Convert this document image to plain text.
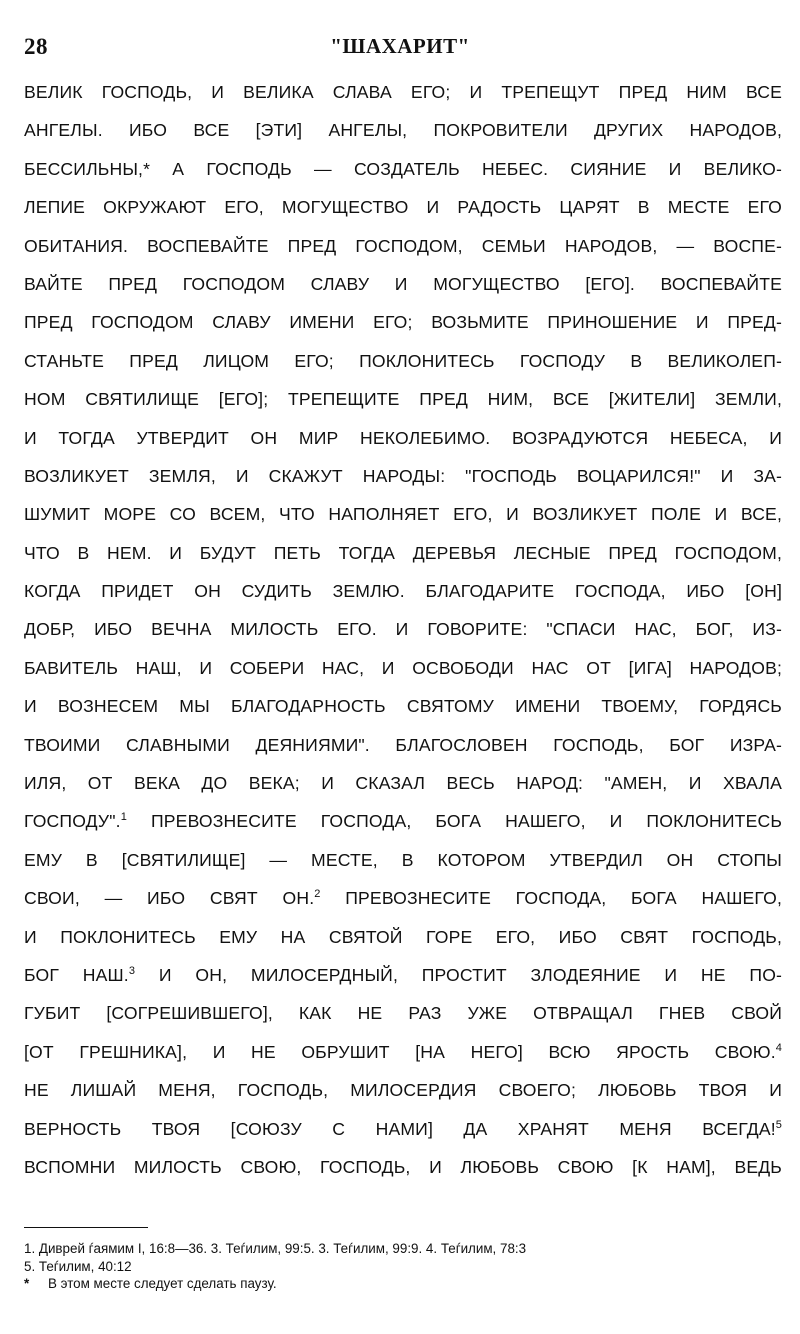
28	"ШАХАРИТ"
ВЕЛИК ГОСПОДЬ, И ВЕЛИКА СЛАВА ЕГО; И ТРЕПЕЩУТ ПРЕД НИМ ВСЕ
АНГЕЛЫ. ИБО ВСЕ [ЭТИ] АНГЕЛЫ, ПОКРОВИТЕЛИ ДРУГИХ НАРОДОВ,
БЕССИЛЬНЫ,* А ГОСПОДЬ — СОЗДАТЕЛЬ НЕБЕС. СИЯНИЕ И ВЕЛИКО-
ЛЕПИЕ ОКРУЖАЮТ ЕГО, МОГУЩЕСТВО И РАДОСТЬ ЦАРЯТ В МЕСТЕ ЕГО
ОБИТАНИЯ. ВОСПЕВАЙТЕ ПРЕД ГОСПОДОМ, СЕМЬИ НАРОДОВ, — ВОСПЕ-
ВАЙТЕ ПРЕД ГОСПОДОМ СЛАВУ И МОГУЩЕСТВО [ЕГО]. ВОСПЕВАЙТЕ
ПРЕД ГОСПОДОМ СЛАВУ ИМЕНИ ЕГО; ВОЗЬМИТЕ ПРИНОШЕНИЕ И ПРЕД-
СТАНЬТЕ ПРЕД ЛИЦОМ ЕГО; ПОКЛОНИТЕСЬ ГОСПОДУ В ВЕЛИКОЛЕП-
НОМ СВЯТИЛИЩЕ [ЕГО]; ТРЕПЕЩИТЕ ПРЕД НИМ, ВСЕ [ЖИТЕЛИ] ЗЕМЛИ,
И ТОГДА УТВЕРДИТ ОН МИР НЕКОЛЕБИМО. ВОЗРАДУЮТСЯ НЕБЕСА, И
ВОЗЛИКУЕТ ЗЕМЛЯ, И СКАЖУТ НАРОДЫ: "ГОСПОДЬ ВОЦАРИЛСЯ!" И ЗА-
ШУМИТ МОРЕ СО ВСЕМ, ЧТО НАПОЛНЯЕТ ЕГО, И ВОЗЛИКУЕТ ПОЛЕ И ВСЕ,
ЧТО В НЕМ. И БУДУТ ПЕТЬ ТОГДА ДЕРЕВЬЯ ЛЕСНЫЕ ПРЕД ГОСПОДОМ,
КОГДА ПРИДЕТ ОН СУДИТЬ ЗЕМЛЮ. БЛАГОДАРИТЕ ГОСПОДА, ИБО [ОН]
ДОБР, ИБО ВЕЧНА МИЛОСТЬ ЕГО. И ГОВОРИТЕ: "СПАСИ НАС, БОГ, ИЗ-
БАВИТЕЛЬ НАШ, И СОБЕРИ НАС, И ОСВОБОДИ НАС ОТ [ИГА] НАРОДОВ;
И ВОЗНЕСЕМ МЫ БЛАГОДАРНОСТЬ СВЯТОМУ ИМЕНИ ТВОЕМУ, ГОРДЯСЬ
ТВОИМИ СЛАВНЫМИ ДЕЯНИЯМИ". БЛАГОСЛОВЕН ГОСПОДЬ, БОГ ИЗРА-
ИЛЯ, ОТ ВЕКА ДО ВЕКА; И СКАЗАЛ ВЕСЬ НАРОД: "АМЕН, И ХВАЛА
ГОСПОДУ".$^1$ ПРЕВОЗНЕСИТЕ ГОСПОДА, БОГА НАШЕГО, И ПОКЛОНИТЕСЬ
ЕМУ В [СВЯТИЛИЩЕ] — МЕСТЕ, В КОТОРОМ УТВЕРДИЛ ОН СТОПЫ
СВОИ, — ИБО СВЯТ ОН.$^2$ ПРЕВОЗНЕСИТЕ ГОСПОДА, БОГА НАШЕГО,
И ПОКЛОНИТЕСЬ ЕМУ НА СВЯТОЙ ГОРЕ ЕГО, ИБО СВЯТ ГОСПОДЬ,
БОГ НАШ.$^3$ И ОН, МИЛОСЕРДНЫЙ, ПРОСТИТ ЗЛОДЕЯНИЕ И НЕ ПО-
ГУБИТ [СОГРЕШИВШЕГО], КАК НЕ РАЗ УЖЕ ОТВРАЩАЛ ГНЕВ СВОЙ
[ОТ ГРЕШНИКА], И НЕ ОБРУШИТ [НА НЕГО] ВСЮ ЯРОСТЬ СВОЮ.$^4$
НЕ ЛИШАЙ МЕНЯ, ГОСПОДЬ, МИЛОСЕРДИЯ СВОЕГО; ЛЮБОВЬ ТВОЯ И
ВЕРНОСТЬ ТВОЯ [СОЮЗУ С НАМИ] ДА ХРАНЯТ МЕНЯ ВСЕГДА!$^5$
ВСПОМНИ МИЛОСТЬ СВОЮ, ГОСПОДЬ, И ЛЮБОВЬ СВОЮ [К НАМ], ВЕДЬ
1. Диврей ѓаямим I, 16:8—36. 3. Теѓилим, 99:5. 3. Теѓилим, 99:9. 4. Теѓилим, 78:3
5. Теѓилим, 40:12
* В этом месте следует сделать паузу.
